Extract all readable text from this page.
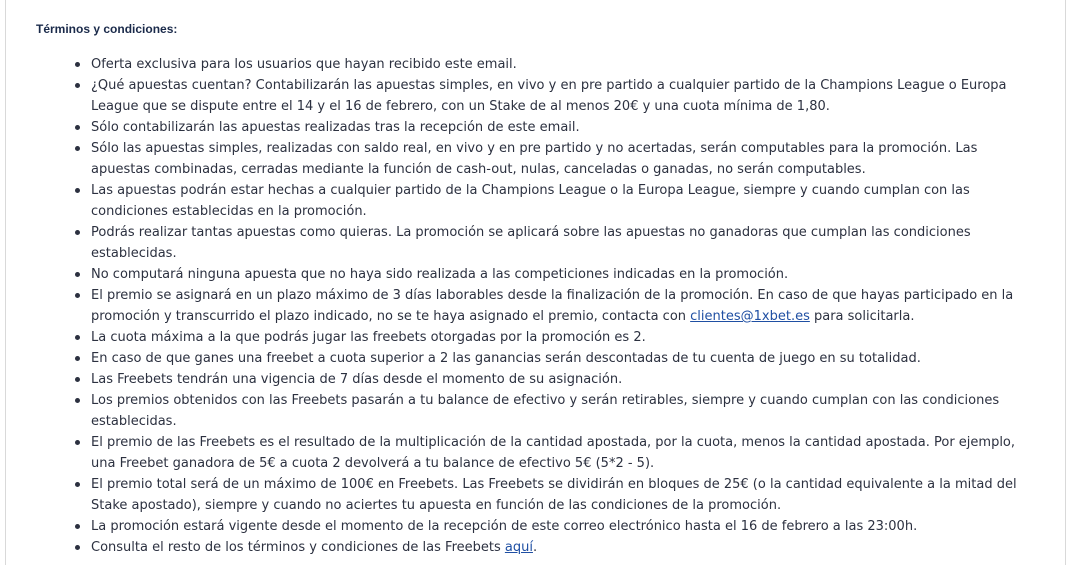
Términos y condiciones:

Oferta exclusiva para los usuarios que hayan recibido este email.
¿Qué apuestas cuentan? Contabilizarán las apuestas simples, en vivo y en pre partido a cualquier partido de la Champions League o Europa League que se dispute entre el 14 y el 16 de febrero, con un Stake de al menos 20€ y una cuota mínima de 1,80.
Sólo contabilizarán las apuestas realizadas tras la recepción de este email.
Sólo las apuestas simples, realizadas con saldo real, en vivo y en pre partido y no acertadas, serán computables para la promoción. Las apuestas combinadas, cerradas mediante la función de cash-out, nulas, canceladas o ganadas, no serán computables.
Las apuestas podrán estar hechas a cualquier partido de la Champions League o la Europa League, siempre y cuando cumplan con las condiciones establecidas en la promoción.
Podrás realizar tantas apuestas como quieras. La promoción se aplicará sobre las apuestas no ganadoras que cumplan las condiciones establecidas.
No computará ninguna apuesta que no haya sido realizada a las competiciones indicadas en la promoción.
El premio se asignará en un plazo máximo de 3 días laborables desde la finalización de la promoción. En caso de que hayas participado en la promoción y transcurrido el plazo indicado, no se te haya asignado el premio, contacta con clientes@1xbet.es para solicitarla.
La cuota máxima a la que podrás jugar las freebets otorgadas por la promoción es 2.
En caso de que ganes una freebet a cuota superior a 2 las ganancias serán descontadas de tu cuenta de juego en su totalidad.
Las Freebets tendrán una vigencia de 7 días desde el momento de su asignación.
Los premios obtenidos con las Freebets pasarán a tu balance de efectivo y serán retirables, siempre y cuando cumplan con las condiciones establecidas.
El premio de las Freebets es el resultado de la multiplicación de la cantidad apostada, por la cuota, menos la cantidad apostada. Por ejemplo, una Freebet ganadora de 5€ a cuota 2 devolverá a tu balance de efectivo 5€ (5*2 - 5).
El premio total será de un máximo de 100€ en Freebets. Las Freebets se dividirán en bloques de 25€ (o la cantidad equivalente a la mitad del Stake apostado), siempre y cuando no aciertes tu apuesta en función de las condiciones de la promoción.
La promoción estará vigente desde el momento de la recepción de este correo electrónico hasta el 16 de febrero a las 23:00h.
Consulta el resto de los términos y condiciones de las Freebets aquí.
